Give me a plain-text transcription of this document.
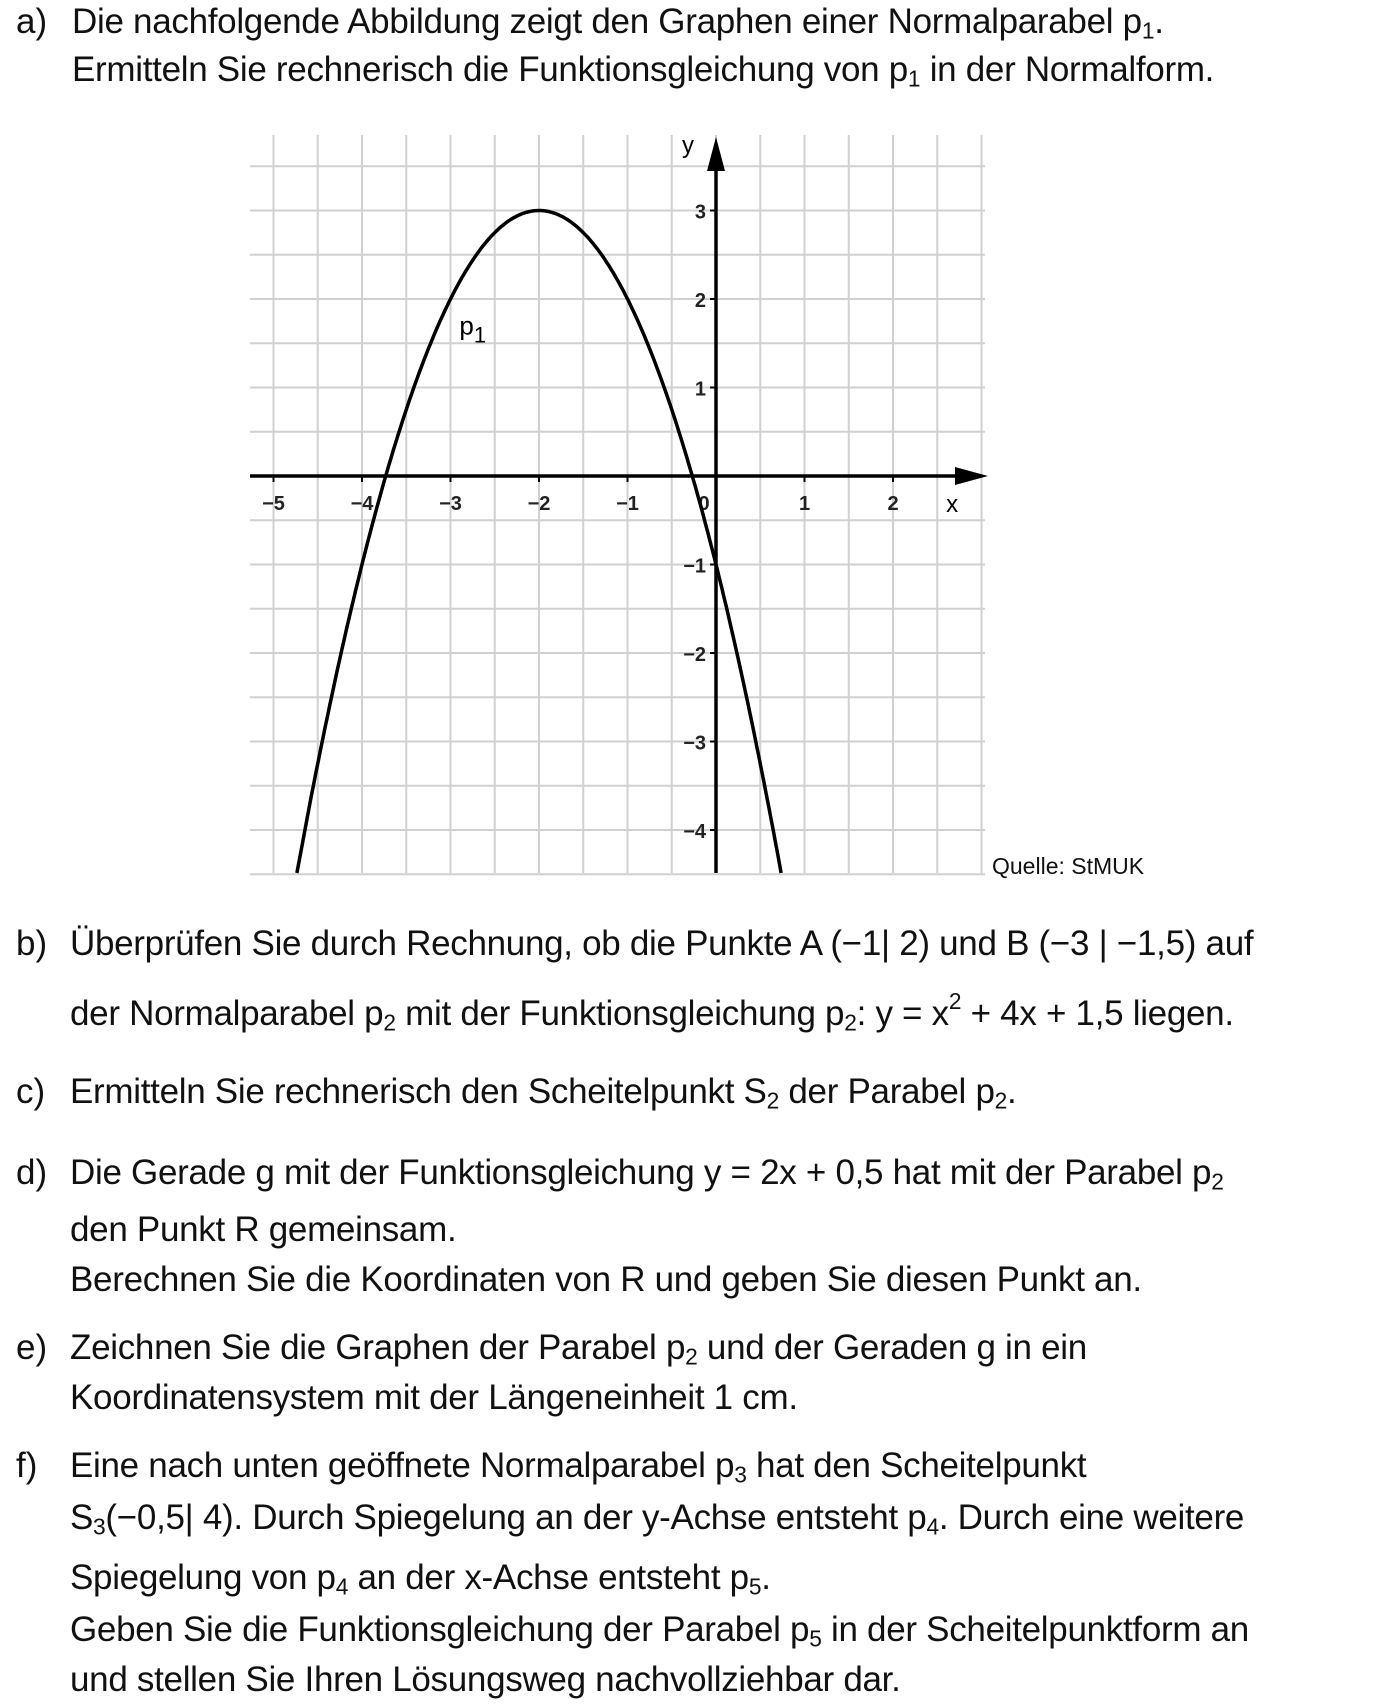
a) Die nachfolgende Abbildung zeigt den Graphen einer Normalparabel $p_1$.
Ermitteln Sie rechnerisch die Funktionsgleichung von $p_1$ in der Normalform.
x
y
−5	−4	−3	−2	−1	0	1	2
3
2
1
−1
−2
−3
−4
$p_1$
Quelle: StMUK
b) Überprüfen Sie durch Rechnung, ob die Punkte A (−1| 2) und B (−3 | −1,5) auf
der Normalparabel $p_2$ mit der Funktionsgleichung $p_2$: $y = x^2 + 4x + 1,5$ liegen.
c) Ermitteln Sie rechnerisch den Scheitelpunkt $S_2$ der Parabel $p_2$.
d) Die Gerade g mit der Funktionsgleichung y = 2x + 0,5 hat mit der Parabel $p_2$
den Punkt R gemeinsam.
Berechnen Sie die Koordinaten von R und geben Sie diesen Punkt an.
e) Zeichnen Sie die Graphen der Parabel $p_2$ und der Geraden g in ein
Koordinatensystem mit der Längeneinheit 1 cm.
f) Eine nach unten geöffnete Normalparabel $p_3$ hat den Scheitelpunkt
$S_3(-0,5|$ 4). Durch Spiegelung an der y-Achse entsteht $p_4$. Durch eine weitere
Spiegelung von $p_4$ an der x-Achse entsteht $p_5$.
Geben Sie die Funktionsgleichung der Parabel $p_5$ in der Scheitelpunktform an
und stellen Sie Ihren Lösungsweg nachvollziehbar dar.
